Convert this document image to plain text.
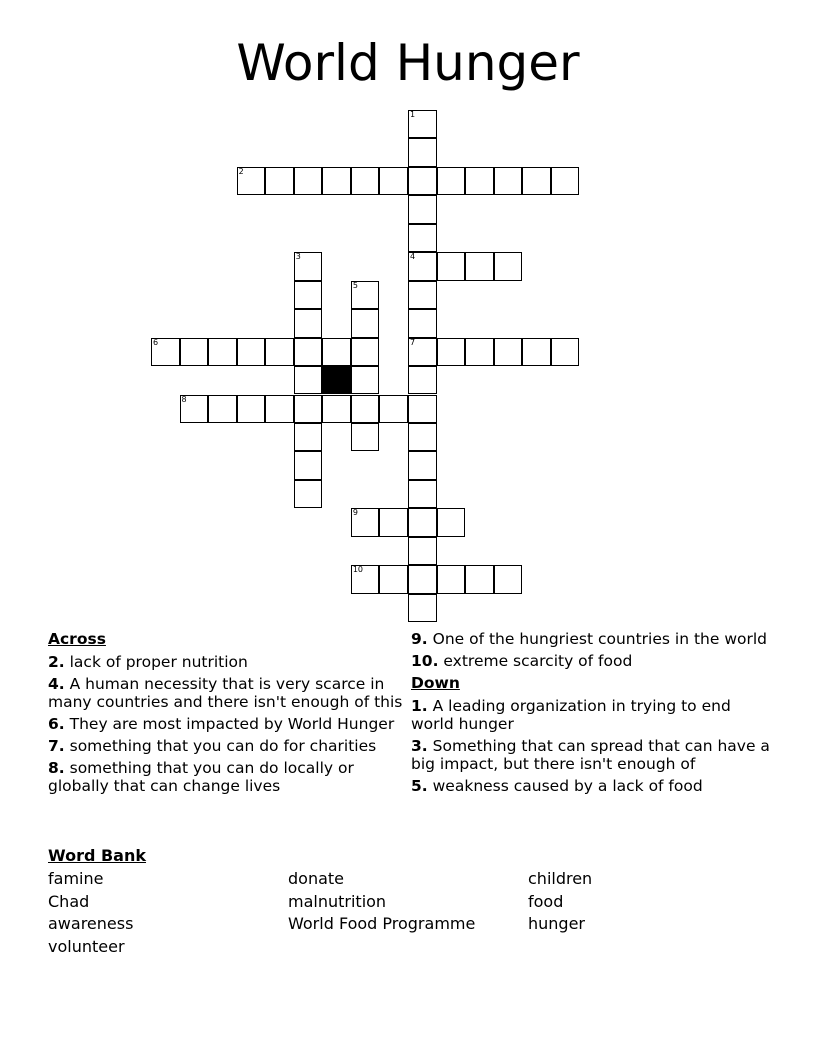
World Hunger
2
4
6	7
8
9
10
1
3
5
Across
2. lack of proper nutrition
4. A human necessity that is very scarce in many countries and there isn't enough of this
6. They are most impacted by World Hunger
7. something that you can do for charities
8. something that you can do locally or globally that can change lives
9. One of the hungriest countries in the world
10. extreme scarcity of food
Down
1. A leading organization in trying to end world hunger
3. Something that can spread that can have a big impact, but there isn't enough of
5. weakness caused by a lack of food
Word Bank
famine
Chad
awareness
volunteer
donate
malnutrition
World Food Programme
children
food
hunger
